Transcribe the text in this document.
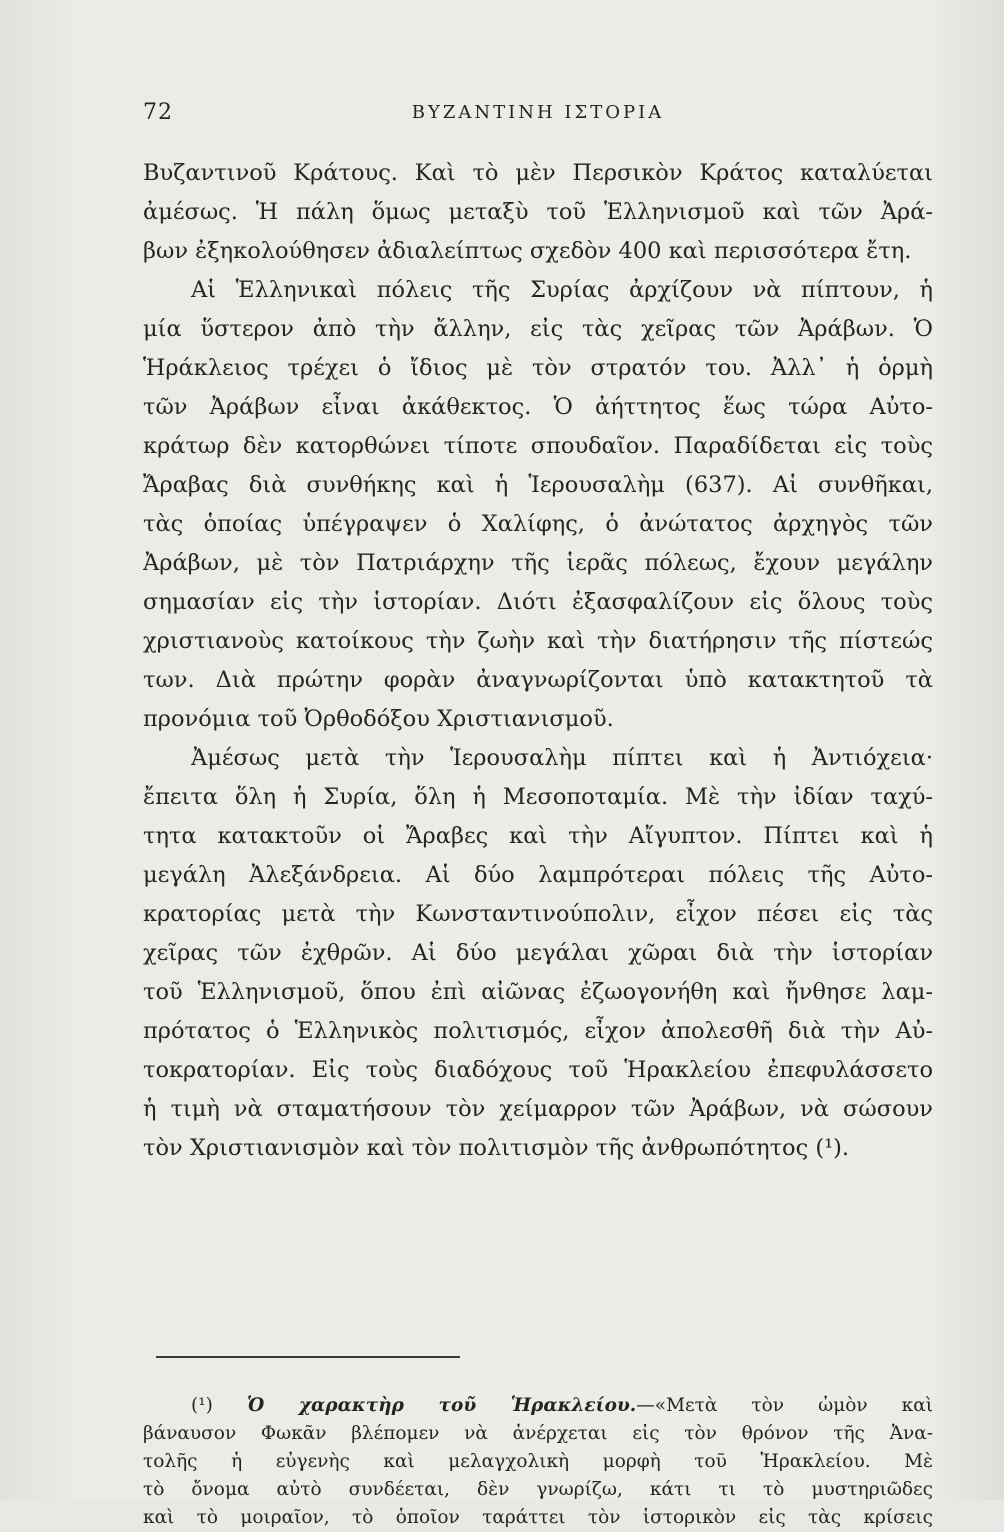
72	ΒΥΖΑΝΤΙΝΗ ΙΣΤΟΡΙΑ
Βυζαντινοῦ Κράτους. Καὶ τὸ μὲν Περσικὸν Κράτος καταλύεται
ἀμέσως. Ἡ πάλη ὅμως μεταξὺ τοῦ Ἑλληνισμοῦ καὶ τῶν Ἀρά-
βων ἐξηκολούθησεν ἀδιαλείπτως σχεδὸν 400 καὶ περισσότερα ἔτη.
Αἱ Ἑλληνικαὶ πόλεις τῆς Συρίας ἀρχίζουν νὰ πίπτουν, ἡ
μία ὕστερον ἀπὸ τὴν ἄλλην, εἰς τὰς χεῖρας τῶν Ἀράβων. Ὁ
Ἡράκλειος τρέχει ὁ ἴδιος μὲ τὸν στρατόν του. Ἀλλ᾽ ἡ ὁρμὴ
τῶν Ἀράβων εἶναι ἀκάθεκτος. Ὁ ἀήττητος ἕως τώρα Αὐτο-
κράτωρ δὲν κατορθώνει τίποτε σπουδαῖον. Παραδίδεται εἰς τοὺς
Ἄραβας διὰ συνθήκης καὶ ἡ Ἱερουσαλὴμ (637). Αἱ συνθῆκαι,
τὰς ὁποίας ὑπέγραψεν ὁ Χαλίφης, ὁ ἀνώτατος ἀρχηγὸς τῶν
Ἀράβων, μὲ τὸν Πατριάρχην τῆς ἱερᾶς πόλεως, ἔχουν μεγάλην
σημασίαν εἰς τὴν ἱστορίαν. Διότι ἐξασφαλίζουν εἰς ὅλους τοὺς
χριστιανοὺς κατοίκους τὴν ζωὴν καὶ τὴν διατήρησιν τῆς πίστεώς
των. Διὰ πρώτην φορὰν ἀναγνωρίζονται ὑπὸ κατακτητοῦ τὰ
προνόμια τοῦ Ὀρθοδόξου Χριστιανισμοῦ.
Ἀμέσως μετὰ τὴν Ἱερουσαλὴμ πίπτει καὶ ἡ Ἀντιόχεια·
ἔπειτα ὅλη ἡ Συρία, ὅλη ἡ Μεσοποταμία. Μὲ τὴν ἰδίαν ταχύ-
τητα κατακτοῦν οἱ Ἄραβες καὶ τὴν Αἴγυπτον. Πίπτει καὶ ἡ
μεγάλη Ἀλεξάνδρεια. Αἱ δύο λαμπρότεραι πόλεις τῆς Αὐτο-
κρατορίας μετὰ τὴν Κωνσταντινούπολιν, εἶχον πέσει εἰς τὰς
χεῖρας τῶν ἐχθρῶν. Αἱ δύο μεγάλαι χῶραι διὰ τὴν ἱστορίαν
τοῦ Ἑλληνισμοῦ, ὅπου ἐπὶ αἰῶνας ἐζωογονήθη καὶ ἤνθησε λαμ-
πρότατος ὁ Ἑλληνικὸς πολιτισμός, εἶχον ἀπολεσθῆ διὰ τὴν Αὐ-
τοκρατορίαν. Εἰς τοὺς διαδόχους τοῦ Ἡρακλείου ἐπεφυλάσσετο
ἡ τιμὴ νὰ σταματήσουν τὸν χείμαρρον τῶν Ἀράβων, νὰ σώσουν
τὸν Χριστιανισμὸν καὶ τὸν πολιτισμὸν τῆς ἀνθρωπότητος (¹).
(¹) Ὁ χαρακτὴρ τοῦ Ἡρακλείου.—«Μετὰ τὸν ὠμὸν καὶ
βάναυσον Φωκᾶν βλέπομεν νὰ ἀνέρχεται εἰς τὸν θρόνον τῆς Ἀνα-
τολῆς ἡ εὐγενὴς καὶ μελαγχολικὴ μορφὴ τοῦ Ἡρακλείου. Μὲ
τὸ ὄνομα αὐτὸ συνδέεται, δὲν γνωρίζω, κάτι τι τὸ μυστηριῶδες
καὶ τὸ μοιραῖον, τὸ ὁποῖον ταράττει τὸν ἱστορικὸν εἰς τὰς κρίσεις
